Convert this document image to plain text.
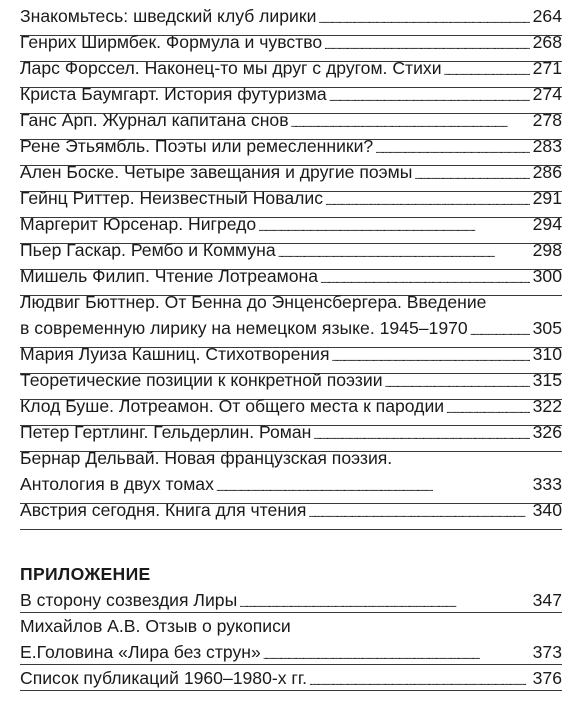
Знакомьтесь: шведский клуб лирики . . .	264
Генрих Ширмбек. Формула и чувство . . .	268
Ларс Форссел. Наконец-то мы друг с другом. Стихи . . .	271
Криста Баумгарт. История футуризма . . .	274
Ганс Арп. Журнал капитана снов . . .	278
Рене Этьямбль. Поэты или ремесленники? . . .	283
Ален Боске. Четыре завещания и другие поэмы . . .	286
Гейнц Риттер. Неизвестный Новалис . . .	291
Маргерит Юрсенар. Нигредо . . .	294
Пьер Гаскар. Рембо и Коммуна . . .	298
Мишель Филип. Чтение Лотреамона . . .	300
Людвиг Бюттнер. От Бенна до Энценсбергера. Введение
в современную лирику на немецком языке. 1945–1970 . . .	305
Мария Луиза Кашниц. Стихотворения . . .	310
Теоретические позиции к конкретной поэзии . . .	315
Клод Буше. Лотреамон. От общего места к пародии . . .	322
Петер Гертлинг. Гельдерлин. Роман . . .	326
Бернар Дельвай. Новая французская поэзия.
Антология в двух томах . . .	333
Австрия сегодня. Книга для чтения . . .	340
ПРИЛОЖЕНИЕ
В сторону созвездия Лиры . . .	347
Михайлов А.В. Отзыв о рукописи
Е.Головина «Лира без струн» . . .	373
Список публикаций 1960–1980-х гг. . . .	376
